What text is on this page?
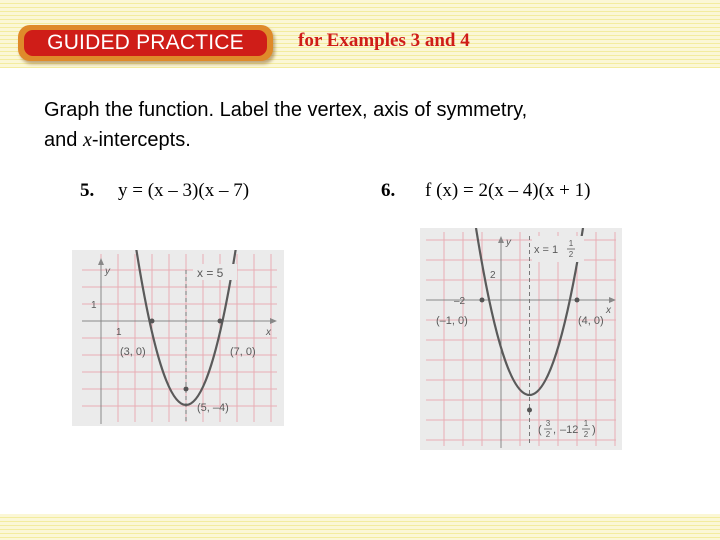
GUIDED PRACTICE	for Examples 3 and 4
Graph the function. Label the vertex, axis of symmetry,
and x-intercepts.
5. y = (x – 3)(x – 7)	6. f (x) = 2(x – 4)(x + 1)
x = 5
y
x
1
1
(3, 0)	(7, 0)
(5, –4)
x = 1
1
2
y
x
2
–2
(–1, 0)	(4, 0)
(
3
2 , –12
1
2 )
